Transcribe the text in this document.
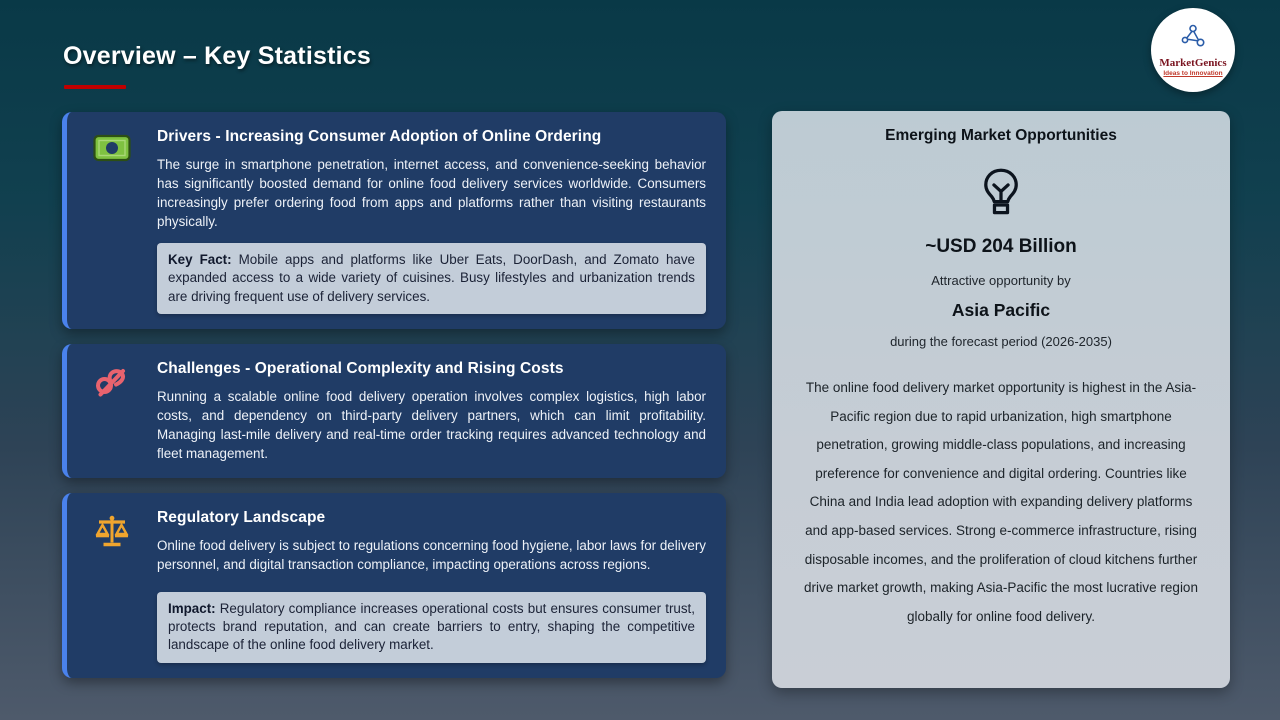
Overview – Key Statistics	MarketGenics
Ideas to Innovation
Drivers - Increasing Consumer Adoption of Online Ordering

The surge in smartphone penetration, internet access, and convenience-seeking behavior has significantly boosted demand for online food delivery services worldwide. Consumers increasingly prefer ordering food from apps and platforms rather than visiting restaurants physically.

Key Fact: Mobile apps and platforms like Uber Eats, DoorDash, and Zomato have expanded access to a wide variety of cuisines. Busy lifestyles and urbanization trends are driving frequent use of delivery services.
Challenges - Operational Complexity and Rising Costs

Running a scalable online food delivery operation involves complex logistics, high labor costs, and dependency on third-party delivery partners, which can limit profitability. Managing last-mile delivery and real-time order tracking requires advanced technology and fleet management.

Regulatory Landscape

Online food delivery is subject to regulations concerning food hygiene, labor laws for delivery personnel, and digital transaction compliance, impacting operations across regions.

Impact: Regulatory compliance increases operational costs but ensures consumer trust, protects brand reputation, and can create barriers to entry, shaping the competitive landscape of the online food delivery market.
Emerging Market Opportunities
~USD 204 Billion
Attractive opportunity by
Asia Pacific
during the forecast period (2026-2035)

The online food delivery market opportunity is highest in the Asia-Pacific region due to rapid urbanization, high smartphone penetration, growing middle-class populations, and increasing preference for convenience and digital ordering. Countries like China and India lead adoption with expanding delivery platforms and app-based services. Strong e-commerce infrastructure, rising disposable incomes, and the proliferation of cloud kitchens further drive market growth, making Asia-Pacific the most lucrative region globally for online food delivery.
